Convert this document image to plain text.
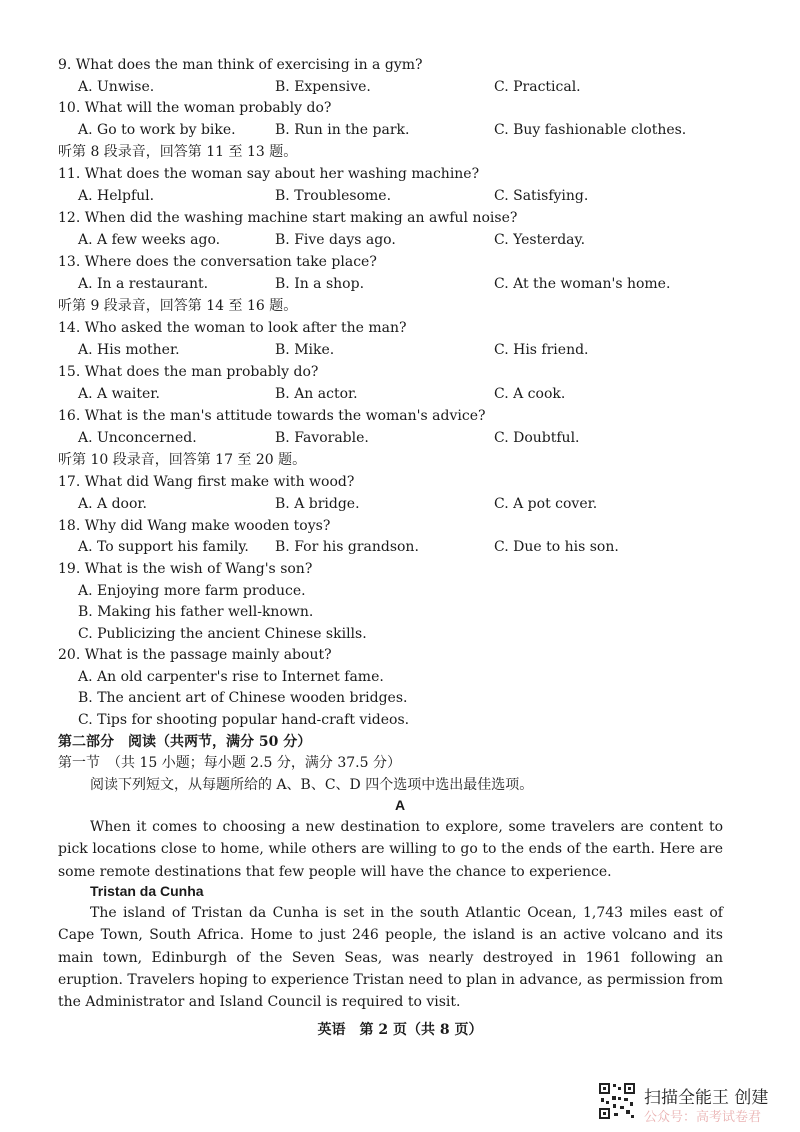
9. What does the man think of exercising in a gym?
A. Unwise.	B. Expensive.	C. Practical.
10. What will the woman probably do?
A. Go to work by bike.	B. Run in the park.	C. Buy fashionable clothes.
听第 8 段录音，回答第 11 至 13 题。
11. What does the woman say about her washing machine?
A. Helpful.	B. Troublesome.	C. Satisfying.
12. When did the washing machine start making an awful noise?
A. A few weeks ago.	B. Five days ago.	C. Yesterday.
13. Where does the conversation take place?
A. In a restaurant.	B. In a shop.	C. At the woman's home.
听第 9 段录音，回答第 14 至 16 题。
14. Who asked the woman to look after the man?
A. His mother.	B. Mike.	C. His friend.
15. What does the man probably do?
A. A waiter.	B. An actor.	C. A cook.
16. What is the man's attitude towards the woman's advice?
A. Unconcerned.	B. Favorable.	C. Doubtful.
听第 10 段录音，回答第 17 至 20 题。
17. What did Wang first make with wood?
A. A door.	B. A bridge.	C. A pot cover.
18. Why did Wang make wooden toys?
A. To support his family. B. For his grandson.	C. Due to his son.
19. What is the wish of Wang's son?
A. Enjoying more farm produce.
B. Making his father well-known.
C. Publicizing the ancient Chinese skills.
20. What is the passage mainly about?
A. An old carpenter's rise to Internet fame.
B. The ancient art of Chinese wooden bridges.
C. Tips for shooting popular hand-craft videos.
第二部分　阅读（共两节，满分 50 分）
第一节　（共 15 小题；每小题 2.5 分，满分 37.5 分）
阅读下列短文，从每题所给的 A、B、C、D 四个选项中选出最佳选项。
A
When it comes to choosing a new destination to explore, some travelers are content to pick locations close to home, while others are willing to go to the ends of the earth. Here are some remote destinations that few people will have the chance to experience.
Tristan da Cunha
The island of Tristan da Cunha is set in the south Atlantic Ocean, 1,743 miles east of Cape Town, South Africa. Home to just 246 people, the island is an active volcano and its main town, Edinburgh of the Seven Seas, was nearly destroyed in 1961 following an eruption. Travelers hoping to experience Tristan need to plan in advance, as permission from the Administrator and Island Council is required to visit.
英语　第 2 页（共 8 页）
扫描全能王 创建
公众号：高考试卷君
